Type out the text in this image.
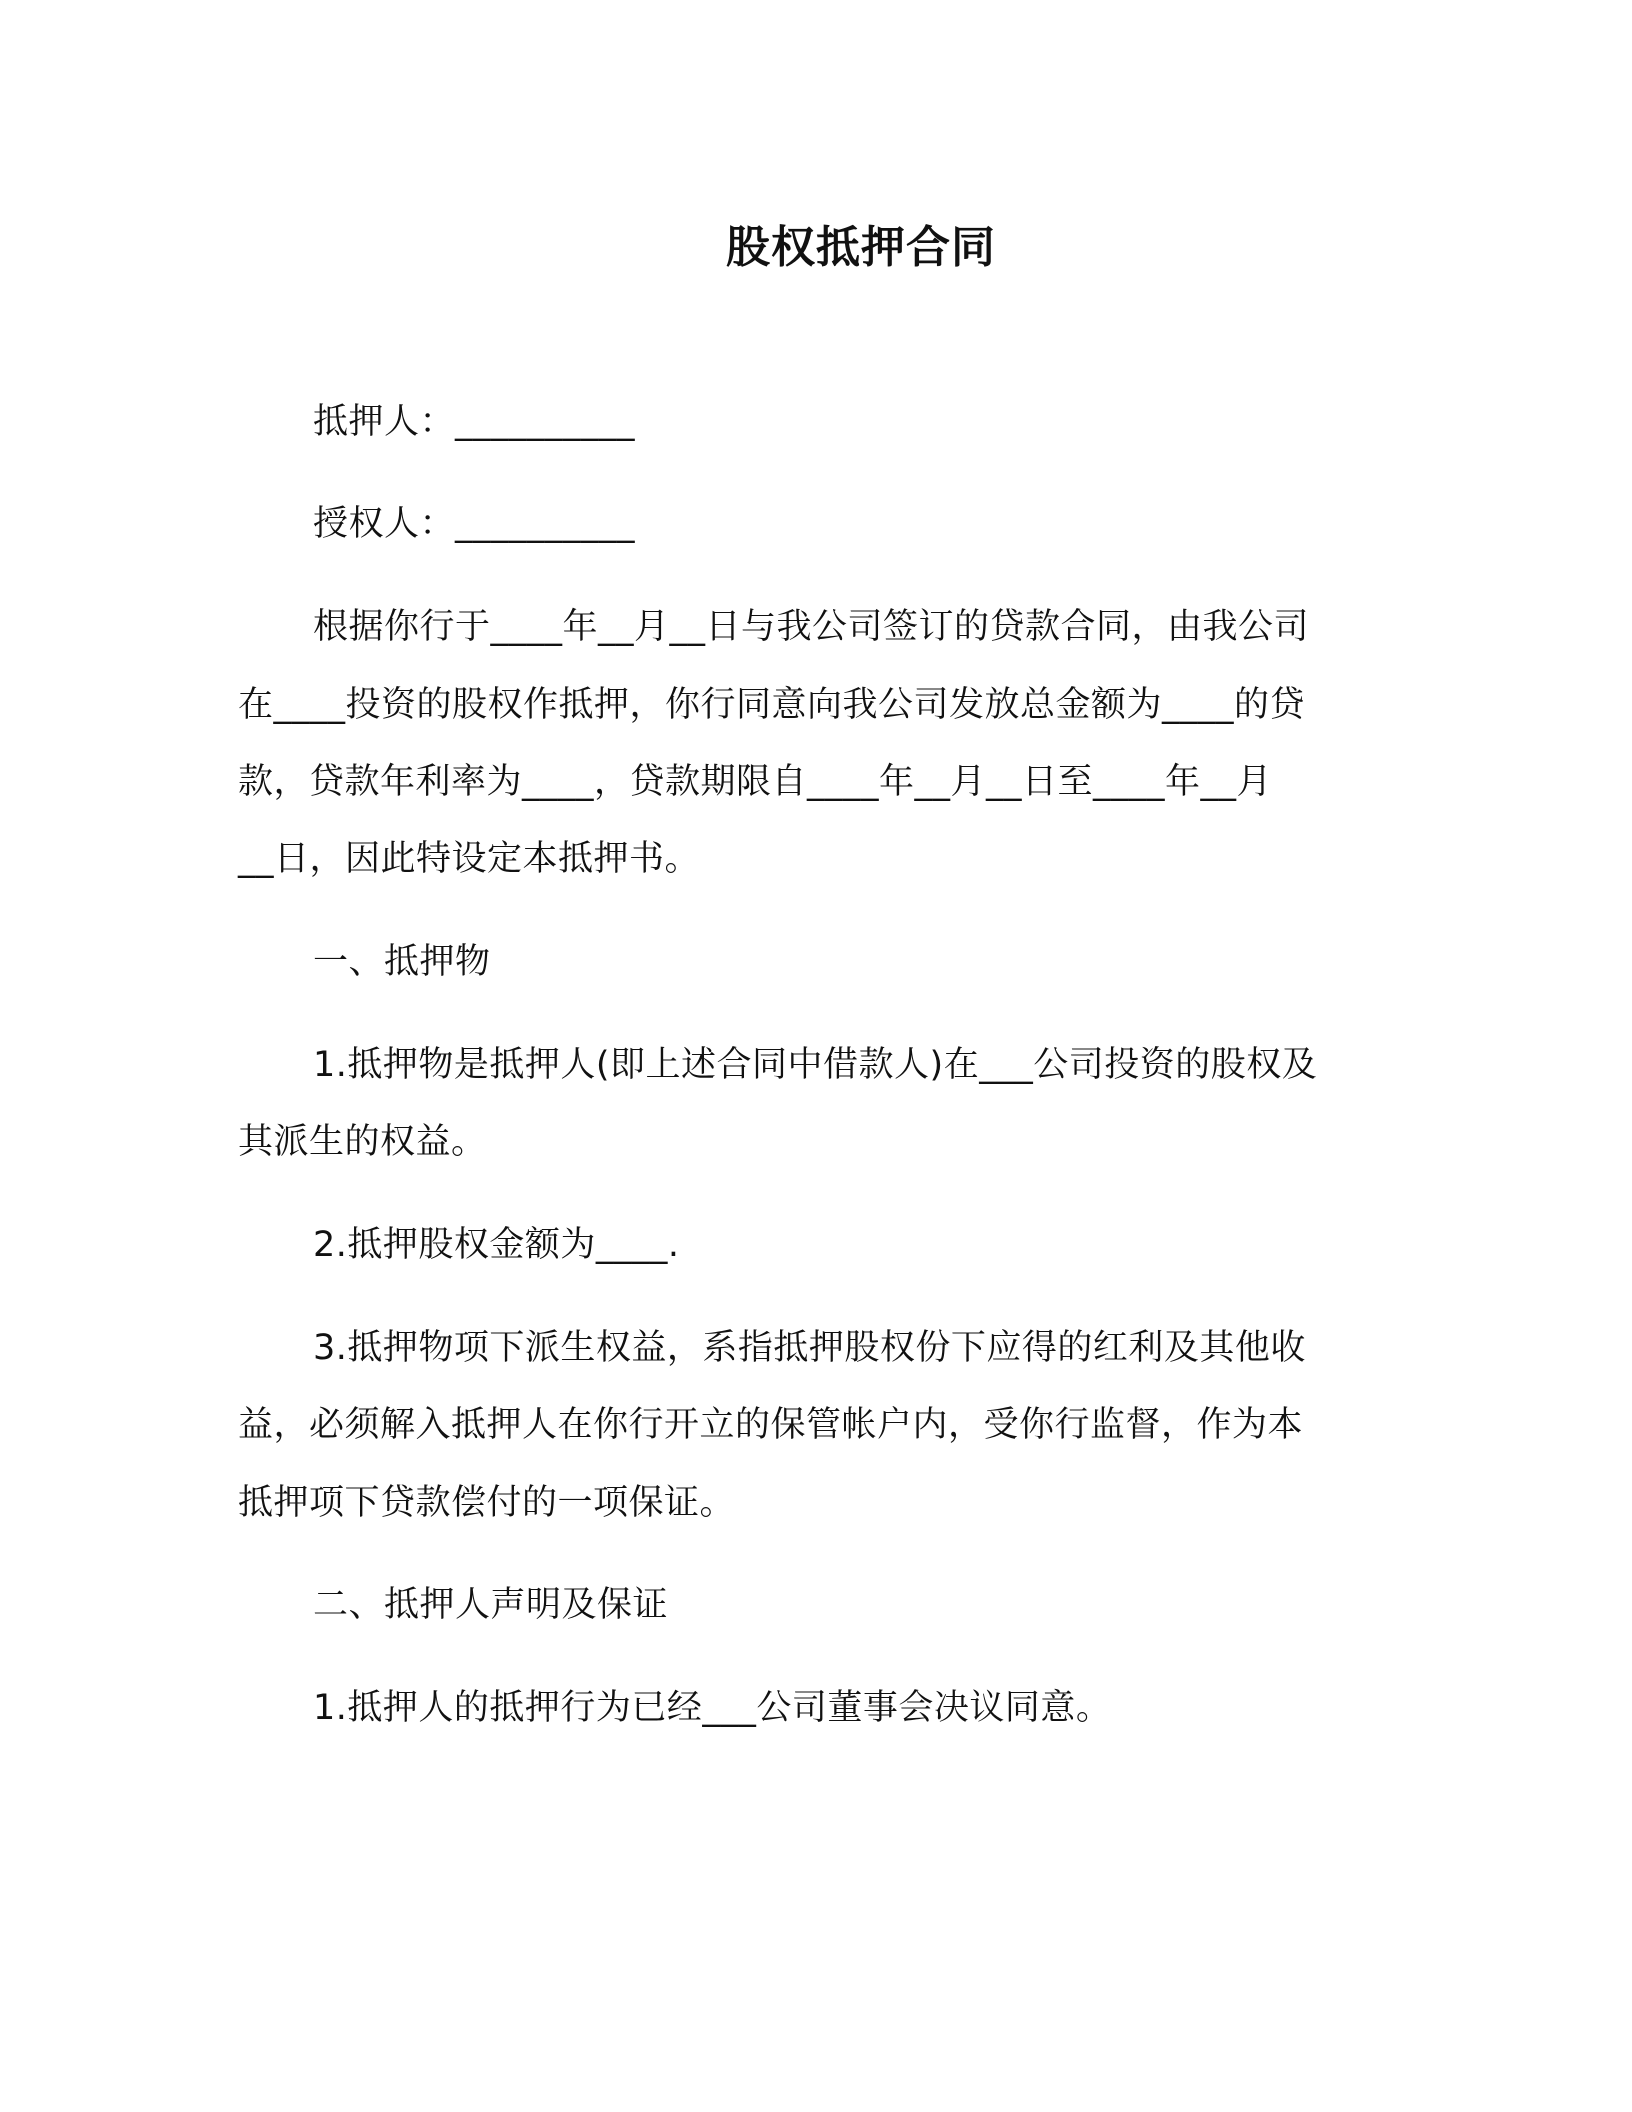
股权抵押合同
抵押人：__________
授权人：__________
根据你行于____年__月__日与我公司签订的贷款合同，由我公司
在____投资的股权作抵押，你行同意向我公司发放总金额为____的贷
款，贷款年利率为____，贷款期限自____年__月__日至____年__月
__日，因此特设定本抵押书。
一、抵押物
1.抵押物是抵押人(即上述合同中借款人)在___公司投资的股权及
其派生的权益。
2.抵押股权金额为____.
3.抵押物项下派生权益，系指抵押股权份下应得的红利及其他收
益，必须解入抵押人在你行开立的保管帐户内，受你行监督，作为本
抵押项下贷款偿付的一项保证。
二、抵押人声明及保证
1.抵押人的抵押行为已经___公司董事会决议同意。
